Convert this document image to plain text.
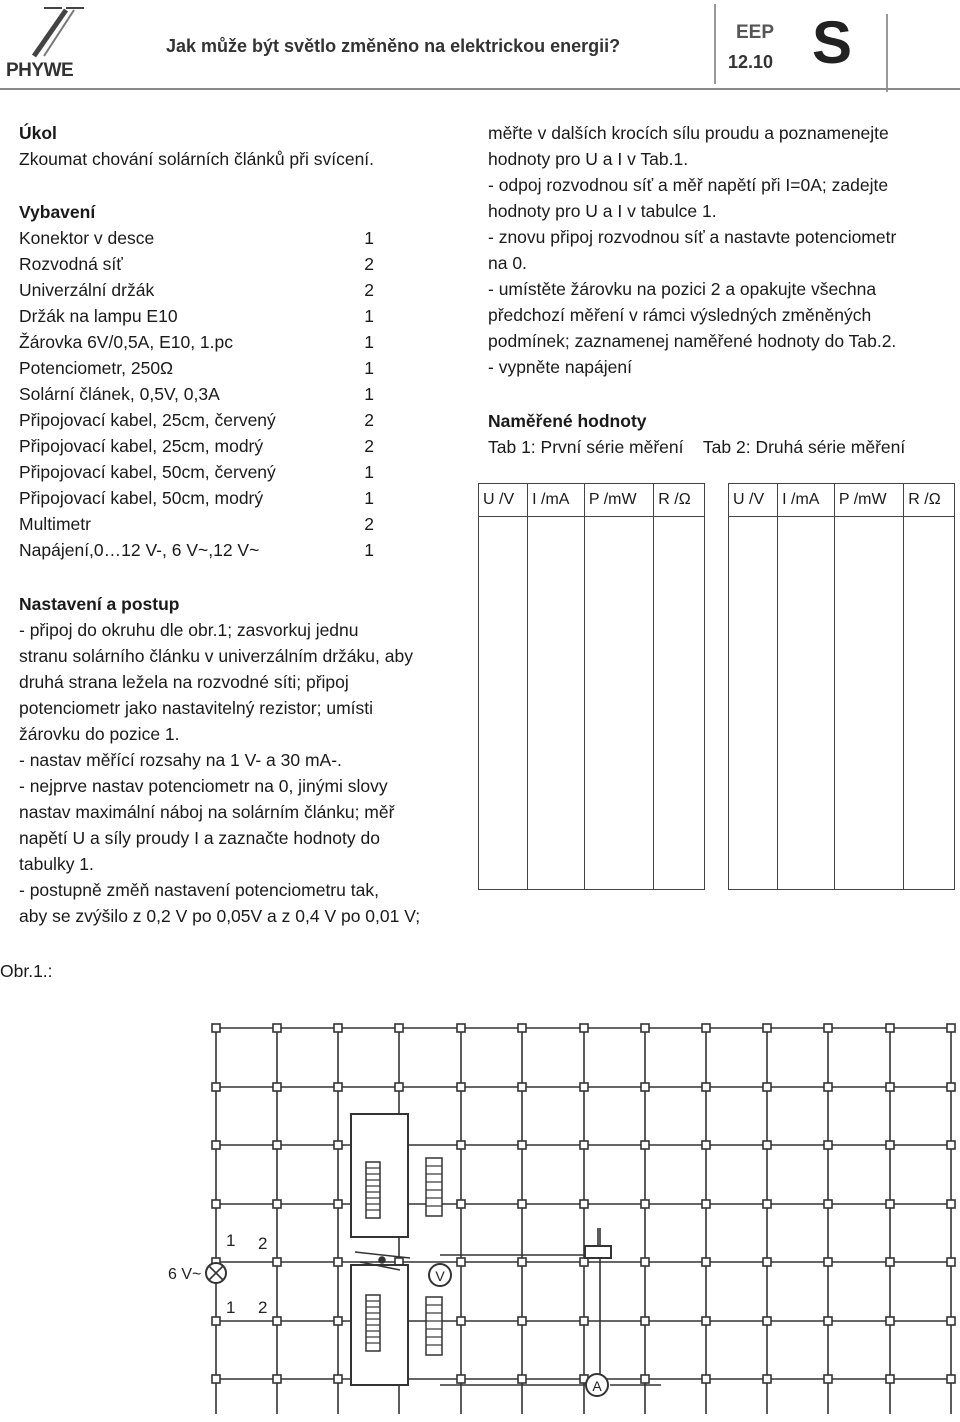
PHYWE
Jak může být světlo změněno na elektrickou energii?
EEP
12.10 S
Úkol
Zkoumat chování solárních článků při svícení.
Vybavení
Konektor v desce	1
Rozvodná síť	2
Univerzální držák	2
Držák na lampu E10	1
Žárovka 6V/0,5A, E10, 1.pc	1
Potenciometr, 250Ω	1
Solární článek, 0,5V, 0,3A	1
Připojovací kabel, 25cm, červený	2
Připojovací kabel, 25cm, modrý	2
Připojovací kabel, 50cm, červený	1
Připojovací kabel, 50cm, modrý	1
Multimetr	2
Napájení,0…12 V-, 6 V~,12 V~	1
Nastavení a postup
- připoj do okruhu dle obr.1; zasvorkuj jednu
stranu solárního článku v univerzálním držáku, aby
druhá strana ležela na rozvodné síti; připoj
potenciometr jako nastavitelný rezistor; umísti
žárovku do pozice 1.
- nastav měřící rozsahy na 1 V- a 30 mA-.
- nejprve nastav potenciometr na 0, jinými slovy
nastav maximální náboj na solárním článku; měř
napětí U a síly proudy I a zaznačte hodnoty do
tabulky 1.
- postupně změň nastavení potenciometru tak,
aby se zvýšilo z 0,2 V po 0,05V a z 0,4 V po 0,01 V;
měřte v dalších krocích sílu proudu a poznamenejte
hodnoty pro U a I v Tab.1.
- odpoj rozvodnou síť a měř napětí při I=0A; zadejte
hodnoty pro U a I v tabulce 1.
- znovu připoj rozvodnou síť a nastavte potenciometr
na 0.
- umístěte žárovku na pozici 2 a opakujte všechna
předchozí měření v rámci výsledných změněných
podmínek; zaznamenej naměřené hodnoty do Tab.2.
- vypněte napájení
Naměřené hodnoty
Tab 1: První série měření Tab 2: Druhá série měření
U /V	I /mA	P /mW	R /Ω
				U /V	I /mA	P /mW	R /Ω

Obr.1.:
V
A
6 V~
1 2
1 2
